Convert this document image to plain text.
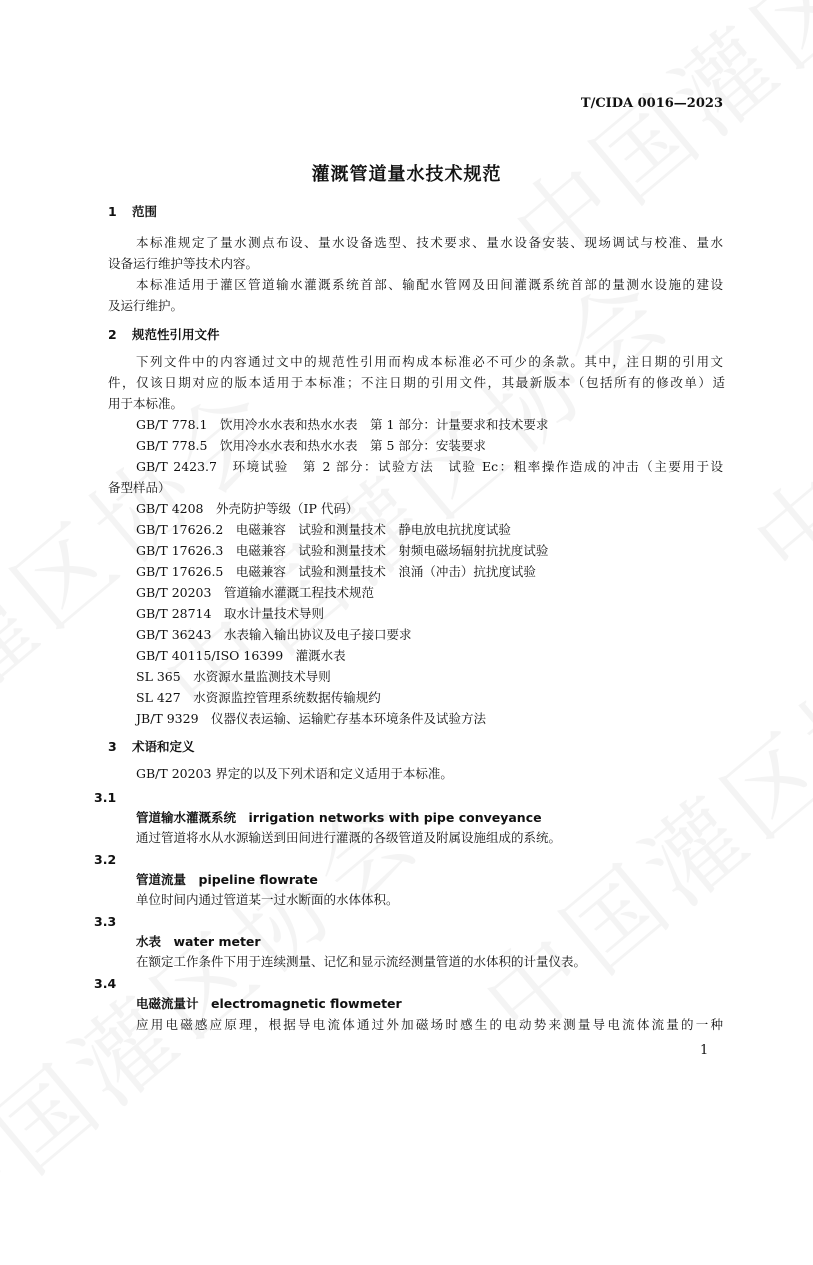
T/CIDA 0016—2023
灌溉管道量水技术规范
1 范围
本标准规定了量水测点布设、量水设备选型、技术要求、量水设备安装、现场调试与校准、量水
设备运行维护等技术内容。
本标准适用于灌区管道输水灌溉系统首部、输配水管网及田间灌溉系统首部的量测水设施的建设
及运行维护。
2 规范性引用文件
下列文件中的内容通过文中的规范性引用而构成本标准必不可少的条款。其中，注日期的引用文
件，仅该日期对应的版本适用于本标准；不注日期的引用文件，其最新版本（包括所有的修改单）适
用于本标准。
GB/T 778.1　饮用冷水水表和热水水表　第 1 部分：计量要求和技术要求
GB/T 778.5　饮用冷水水表和热水水表　第 5 部分：安装要求
GB/T 2423.7　环境试验　第 2 部分：试验方法　试验 Ec：粗率操作造成的冲击（主要用于设
备型样品）
GB/T 4208　外壳防护等级（IP 代码）
GB/T 17626.2　电磁兼容　试验和测量技术　静电放电抗扰度试验
GB/T 17626.3　电磁兼容　试验和测量技术　射频电磁场辐射抗扰度试验
GB/T 17626.5　电磁兼容　试验和测量技术　浪涌（冲击）抗扰度试验
GB/T 20203　管道输水灌溉工程技术规范
GB/T 28714　取水计量技术导则
GB/T 36243　水表输入输出协议及电子接口要求
GB/T 40115/ISO 16399　灌溉水表
SL 365　水资源水量监测技术导则
SL 427　水资源监控管理系统数据传输规约
JB/T 9329　仪器仪表运输、运输贮存基本环境条件及试验方法
3 术语和定义
GB/T 20203 界定的以及下列术语和定义适用于本标准。
3.1
管道输水灌溉系统　irrigation networks with pipe conveyance
通过管道将水从水源输送到田间进行灌溉的各级管道及附属设施组成的系统。
3.2
管道流量　pipeline flowrate
单位时间内通过管道某一过水断面的水体体积。
3.3
水表　water meter
在额定工作条件下用于连续测量、记忆和显示流经测量管道的水体积的计量仪表。
3.4
电磁流量计　electromagnetic flowmeter
应用电磁感应原理，根据导电流体通过外加磁场时感生的电动势来测量导电流体流量的一种
1
